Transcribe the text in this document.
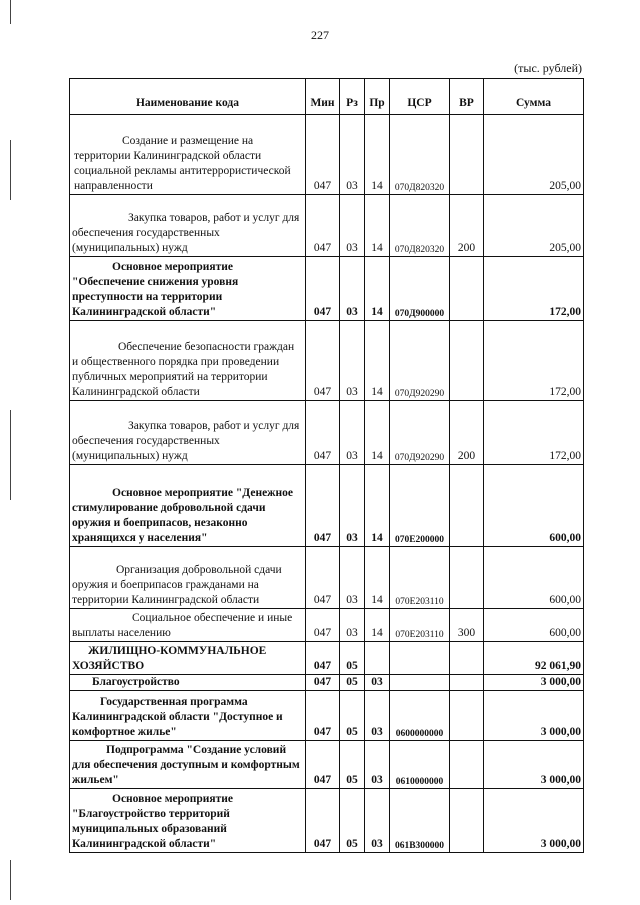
227
(тыс. рублей)
Наименование кода	Мин	Рз	Пр	ЦСР	ВР	Сумма

Создание и размещение на территории Калининградской области социальной рекламы антитеррористической направленности	047	03	14	070Д820320		205,00

Закупка товаров, работ и услуг для обеспечения государственных (муниципальных) нужд	047	03	14	070Д820320	200	205,00

Основное мероприятие "Обеспечение снижения уровня преступности на территории Калининградской области"	047	03	14	070Д900000		172,00

Обеспечение безопасности граждан и общественного порядка при проведении публичных мероприятий на территории Калининградской области	047	03	14	070Д920290		172,00

Закупка товаров, работ и услуг для обеспечения государственных (муниципальных) нужд	047	03	14	070Д920290	200	172,00

Основное мероприятие "Денежное стимулирование добровольной сдачи оружия и боеприпасов, незаконно хранящихся у населения"	047	03	14	070Е200000		600,00

Организация добровольной сдачи оружия и боеприпасов гражданами на территории Калининградской области	047	03	14	070Е203110		600,00

Социальное обеспечение и иные выплаты населению	047	03	14	070Е203110	300	600,00

ЖИЛИЩНО-КОММУНАЛЬНОЕ ХОЗЯЙСТВО	047	05				92 061,90

Благоустройство	047	05	03			3 000,00

Государственная программа Калининградской области "Доступное и комфортное жилье"	047	05	03	0600000000		3 000,00

Подпрограмма "Создание условий для обеспечения доступным и комфортным жильем"	047	05	03	0610000000		3 000,00

Основное мероприятие "Благоустройство территорий муниципальных образований Калининградской области"	047	05	03	061В300000		3 000,00
